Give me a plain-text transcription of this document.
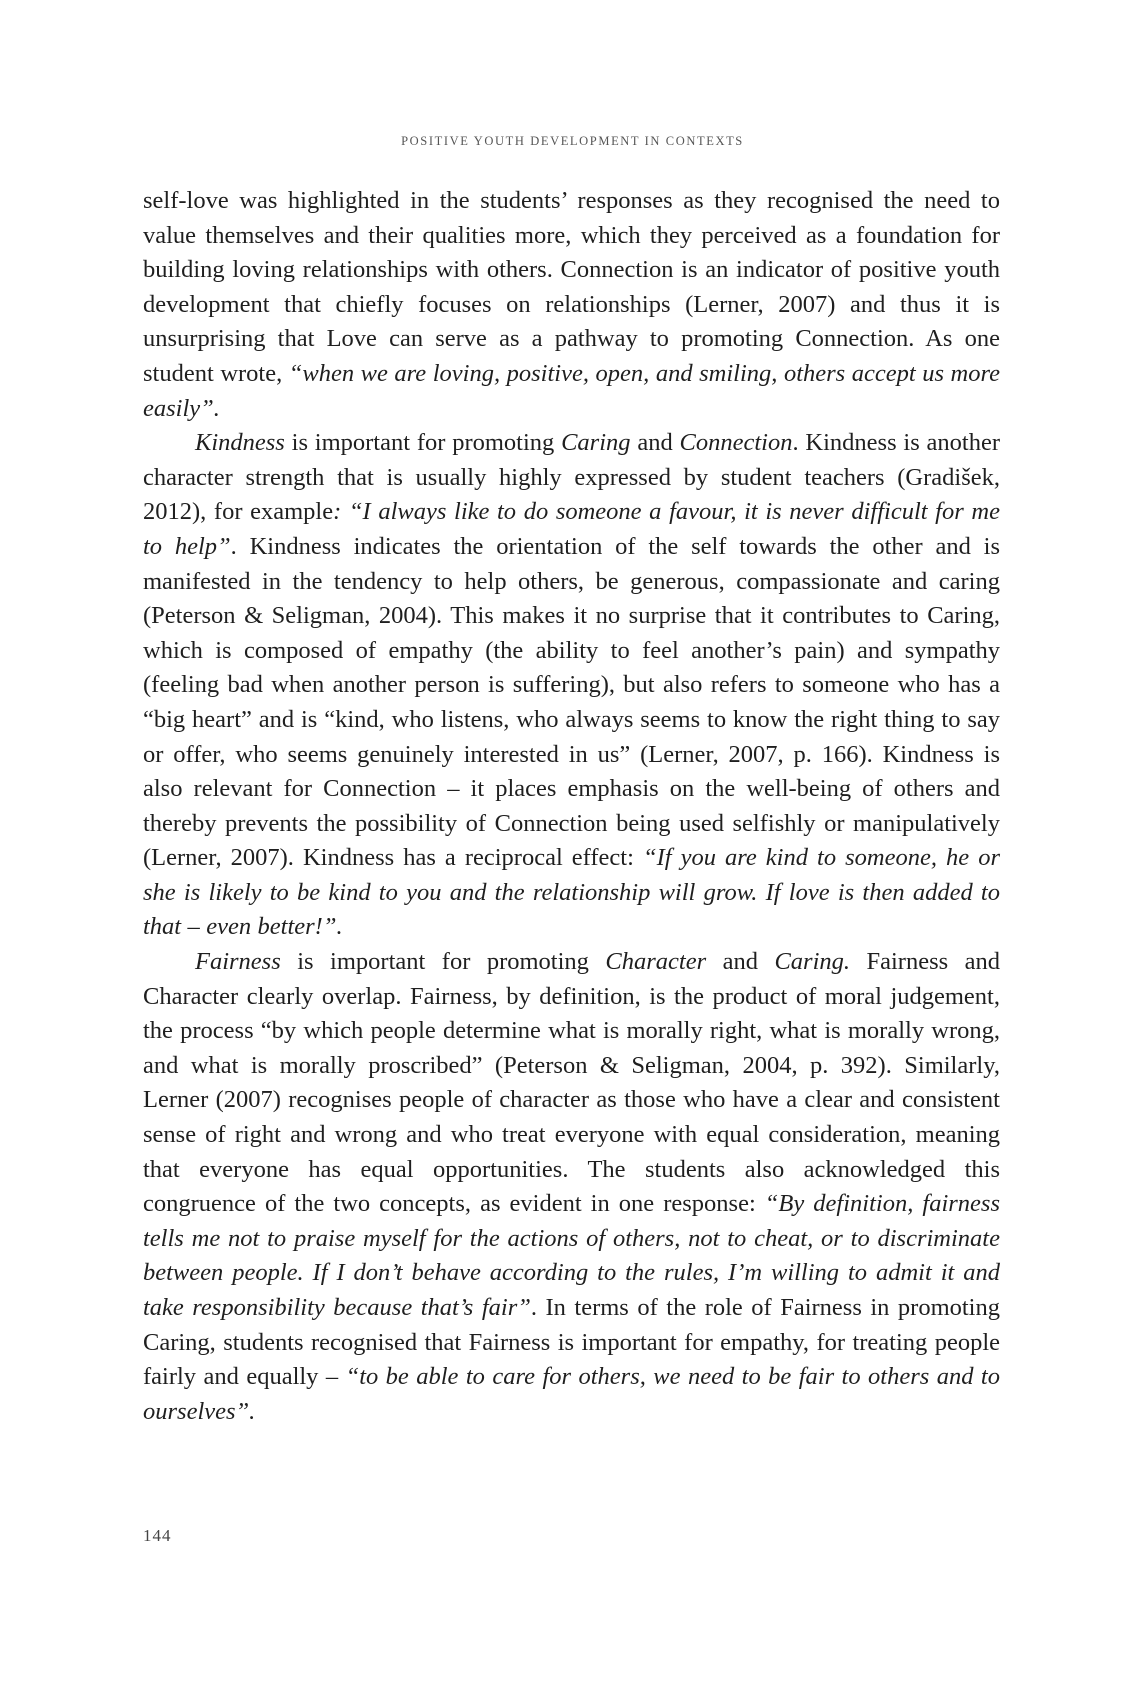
POSITIVE YOUTH DEVELOPMENT IN CONTEXTS

self-love was highlighted in the students’ responses as they recognised the need to value themselves and their qualities more, which they perceived as a foundation for building loving relationships with others. Connection is an indicator of positive youth development that chiefly focuses on relationships (Lerner, 2007) and thus it is unsurprising that Love can serve as a pathway to promoting Connection. As one student wrote, “when we are loving, positive, open, and smiling, others accept us more easily”.

Kindness is important for promoting Caring and Connection. Kindness is another character strength that is usually highly expressed by student teachers (Gradišek, 2012), for example: “I always like to do someone a favour, it is never difficult for me to help”. Kindness indicates the orientation of the self towards the other and is manifested in the tendency to help others, be generous, compassionate and caring (Peterson & Seligman, 2004). This makes it no surprise that it contributes to Caring, which is composed of empathy (the ability to feel another’s pain) and sympathy (feeling bad when another person is suffering), but also refers to someone who has a “big heart” and is “kind, who listens, who always seems to know the right thing to say or offer, who seems genuinely interested in us” (Lerner, 2007, p. 166). Kindness is also relevant for Connection – it places emphasis on the well-being of others and thereby prevents the possibility of Connection being used selfishly or manipulatively (Lerner, 2007). Kindness has a reciprocal effect: “If you are kind to someone, he or she is likely to be kind to you and the relationship will grow. If love is then added to that – even better!”.

Fairness is important for promoting Character and Caring. Fairness and Character clearly overlap. Fairness, by definition, is the product of moral judgement, the process “by which people determine what is morally right, what is morally wrong, and what is morally proscribed” (Peterson & Seligman, 2004, p. 392). Similarly, Lerner (2007) recognises people of character as those who have a clear and consistent sense of right and wrong and who treat everyone with equal consideration, meaning that everyone has equal opportunities. The students also acknowledged this congruence of the two concepts, as evident in one response: “By definition, fairness tells me not to praise myself for the actions of others, not to cheat, or to discriminate between people. If I don’t behave according to the rules, I’m willing to admit it and take responsibility because that’s fair”. In terms of the role of Fairness in promoting Caring, students recognised that Fairness is important for empathy, for treating people fairly and equally – “to be able to care for others, we need to be fair to others and to ourselves”.

144
